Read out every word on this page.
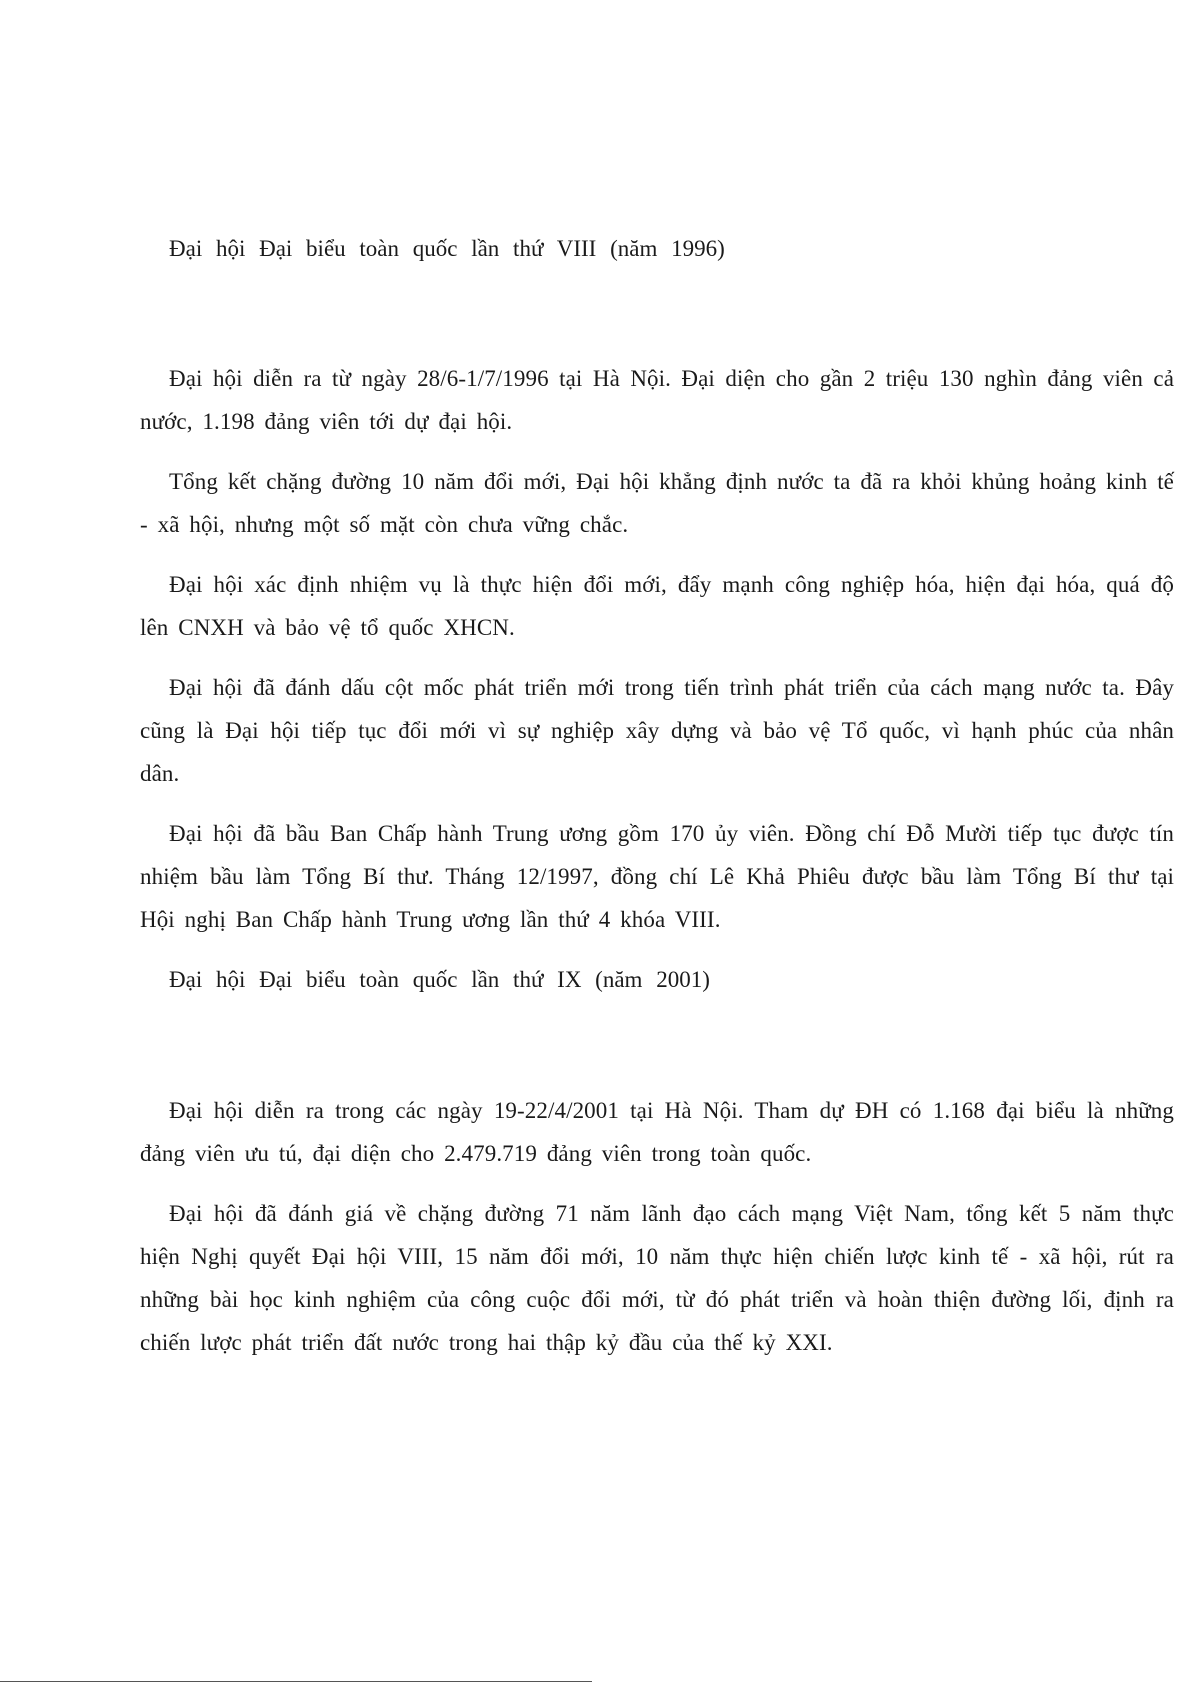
Đại hội Đại biểu toàn quốc lần thứ VIII (năm 1996)

Đại hội diễn ra từ ngày 28/6-1/7/1996 tại Hà Nội. Đại diện cho gần 2 triệu 130 nghìn đảng viên cả nước, 1.198 đảng viên tới dự đại hội.

Tổng kết chặng đường 10 năm đổi mới, Đại hội khẳng định nước ta đã ra khỏi khủng hoảng kinh tế - xã hội, nhưng một số mặt còn chưa vững chắc.

Đại hội xác định nhiệm vụ là thực hiện đổi mới, đẩy mạnh công nghiệp hóa, hiện đại hóa, quá độ lên CNXH và bảo vệ tổ quốc XHCN.

Đại hội đã đánh dấu cột mốc phát triển mới trong tiến trình phát triển của cách mạng nước ta. Đây cũng là Đại hội tiếp tục đổi mới vì sự nghiệp xây dựng và bảo vệ Tổ quốc, vì hạnh phúc của nhân dân.

Đại hội đã bầu Ban Chấp hành Trung ương gồm 170 ủy viên. Đồng chí Đỗ Mười tiếp tục được tín nhiệm bầu làm Tổng Bí thư. Tháng 12/1997, đồng chí Lê Khả Phiêu được bầu làm Tổng Bí thư tại Hội nghị Ban Chấp hành Trung ương lần thứ 4 khóa VIII.

Đại hội Đại biểu toàn quốc lần thứ IX (năm 2001)

Đại hội diễn ra trong các ngày 19-22/4/2001 tại Hà Nội. Tham dự ĐH có 1.168 đại biểu là những đảng viên ưu tú, đại diện cho 2.479.719 đảng viên trong toàn quốc.

Đại hội đã đánh giá về chặng đường 71 năm lãnh đạo cách mạng Việt Nam, tổng kết 5 năm thực hiện Nghị quyết Đại hội VIII, 15 năm đổi mới, 10 năm thực hiện chiến lược kinh tế - xã hội, rút ra những bài học kinh nghiệm của công cuộc đổi mới, từ đó phát triển và hoàn thiện đường lối, định ra chiến lược phát triển đất nước trong hai thập kỷ đầu của thế kỷ XXI.
